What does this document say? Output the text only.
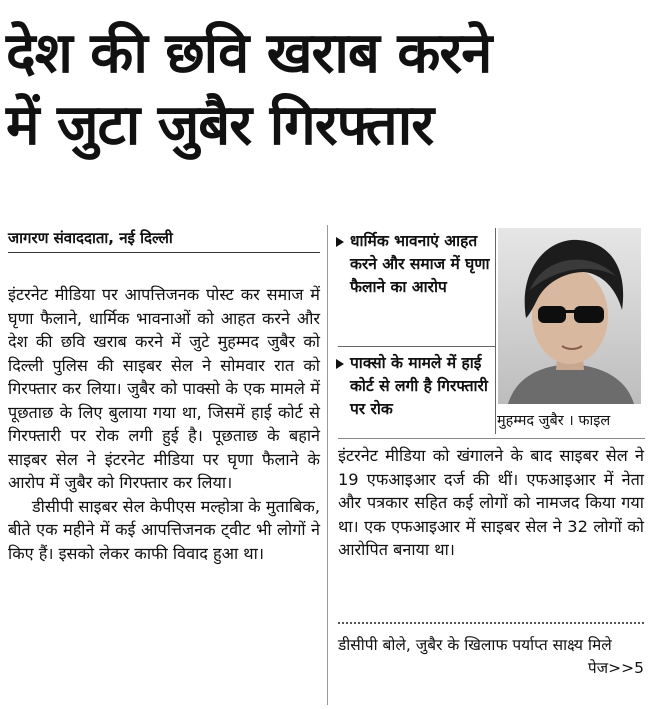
देश की छवि खराब करने
में जुटा जुबैर गिरफ्तार
जागरण संवाददाता, नई दिल्ली

इंटरनेट मीडिया पर आपत्तिजनक पोस्ट कर समाज में घृणा फैलाने, धार्मिक भावनाओं को आहत करने और देश की छवि खराब करने में जुटे मुहम्मद जुबैर को दिल्ली पुलिस की साइबर सेल ने सोमवार रात को गिरफ्तार कर लिया। जुबैर को पाक्सो के एक मामले में पूछताछ के लिए बुलाया गया था, जिसमें हाई कोर्ट से गिरफ्तारी पर रोक लगी हुई है। पूछताछ के बहाने साइबर सेल ने इंटरनेट मीडिया पर घृणा फैलाने के आरोप में जुबैर को गिरफ्तार कर लिया।

डीसीपी साइबर सेल केपीएस मल्होत्रा के मुताबिक, बीते एक महीने में कई आपत्तिजनक ट्वीट भी लोगों ने किए हैं। इसको लेकर काफी विवाद हुआ था।

धार्मिक भावनाएं आहत करने और समाज में घृणा फैलाने का आरोप
पाक्सो के मामले में हाई कोर्ट से लगी है गिरफ्तारी पर रोक
मुहम्मद जुबैर । फाइल

इंटरनेट मीडिया को खंगालने के बाद साइबर सेल ने 19 एफआइआर दर्ज की थीं। एफआइआर में नेता और पत्रकार सहित कई लोगों को नामजद किया गया था। एक एफआइआर में साइबर सेल ने 32 लोगों को आरोपित बनाया था।

डीसीपी बोले, जुबैर के खिलाफ पर्याप्त साक्ष्य मिले
पेज>>5
